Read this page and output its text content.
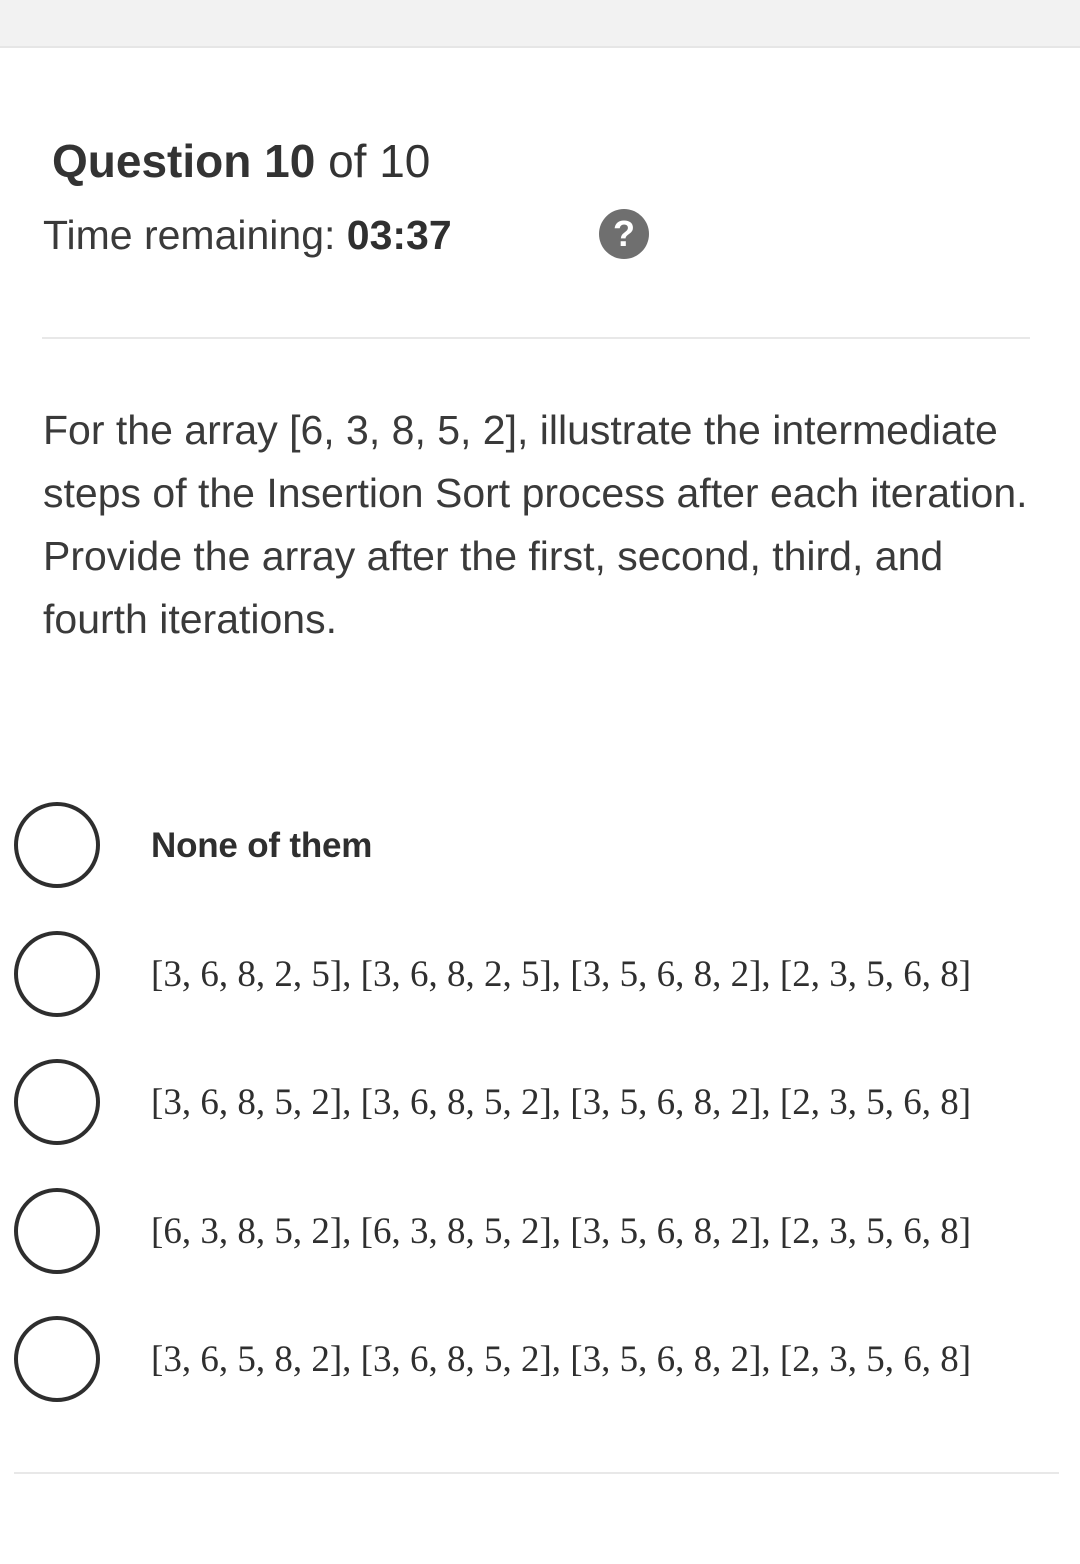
Question 10 of 10
Time remaining: 03:37	?
For the array [6, 3, 8, 5, 2], illustrate the intermediate steps of the Insertion Sort process after each iteration. Provide the array after the first, second, third, and fourth iterations.
None of them
[3, 6, 8, 2, 5], [3, 6, 8, 2, 5], [3, 5, 6, 8, 2], [2, 3, 5, 6, 8]
[3, 6, 8, 5, 2], [3, 6, 8, 5, 2], [3, 5, 6, 8, 2], [2, 3, 5, 6, 8]
[6, 3, 8, 5, 2], [6, 3, 8, 5, 2], [3, 5, 6, 8, 2], [2, 3, 5, 6, 8]
[3, 6, 5, 8, 2], [3, 6, 8, 5, 2], [3, 5, 6, 8, 2], [2, 3, 5, 6, 8]
